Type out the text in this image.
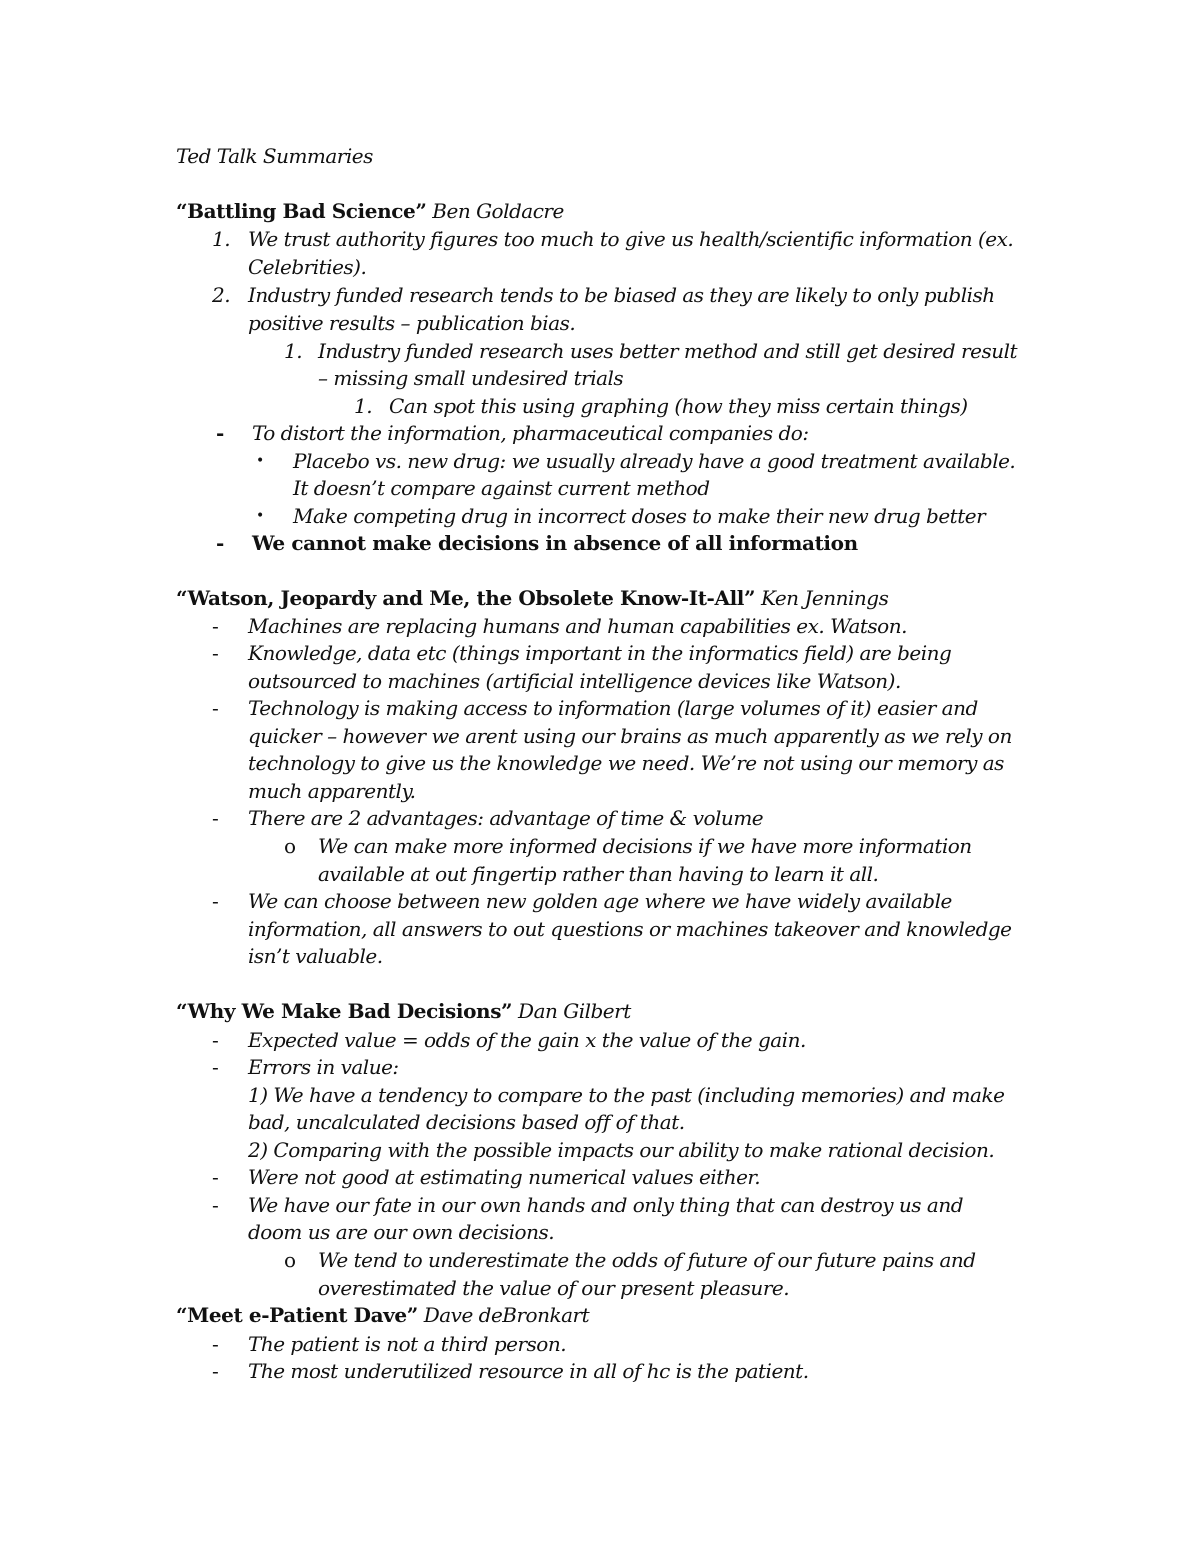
Ted Talk Summaries
“Battling Bad Science” Ben Goldacre
1. We trust authority figures too much to give us health/scientific information (ex.
Celebrities).
2. Industry funded research tends to be biased as they are likely to only publish
positive results – publication bias.
1. Industry funded research uses better method and still get desired result
– missing small undesired trials
1. Can spot this using graphing (how they miss certain things)
- To distort the information, pharmaceutical companies do:
• Placebo vs. new drug: we usually already have a good treatment available.
It doesn’t compare against current method
• Make competing drug in incorrect doses to make their new drug better
- We cannot make decisions in absence of all information
“Watson, Jeopardy and Me, the Obsolete Know-It-All” Ken Jennings
- Machines are replacing humans and human capabilities ex. Watson.
- Knowledge, data etc (things important in the informatics field) are being
outsourced to machines (artificial intelligence devices like Watson).
- Technology is making access to information (large volumes of it) easier and
quicker – however we arent using our brains as much apparently as we rely on
technology to give us the knowledge we need. We’re not using our memory as
much apparently.
- There are 2 advantages: advantage of time & volume
o We can make more informed decisions if we have more information
available at out fingertip rather than having to learn it all.
- We can choose between new golden age where we have widely available
information, all answers to out questions or machines takeover and knowledge
isn’t valuable.
“Why We Make Bad Decisions” Dan Gilbert
- Expected value = odds of the gain x the value of the gain.
- Errors in value:
1) We have a tendency to compare to the past (including memories) and make
bad, uncalculated decisions based off of that.
2) Comparing with the possible impacts our ability to make rational decision.
- Were not good at estimating numerical values either.
- We have our fate in our own hands and only thing that can destroy us and
doom us are our own decisions.
o We tend to underestimate the odds of future of our future pains and
overestimated the value of our present pleasure.
“Meet e-Patient Dave” Dave deBronkart
- The patient is not a third person.
- The most underutilized resource in all of hc is the patient.
